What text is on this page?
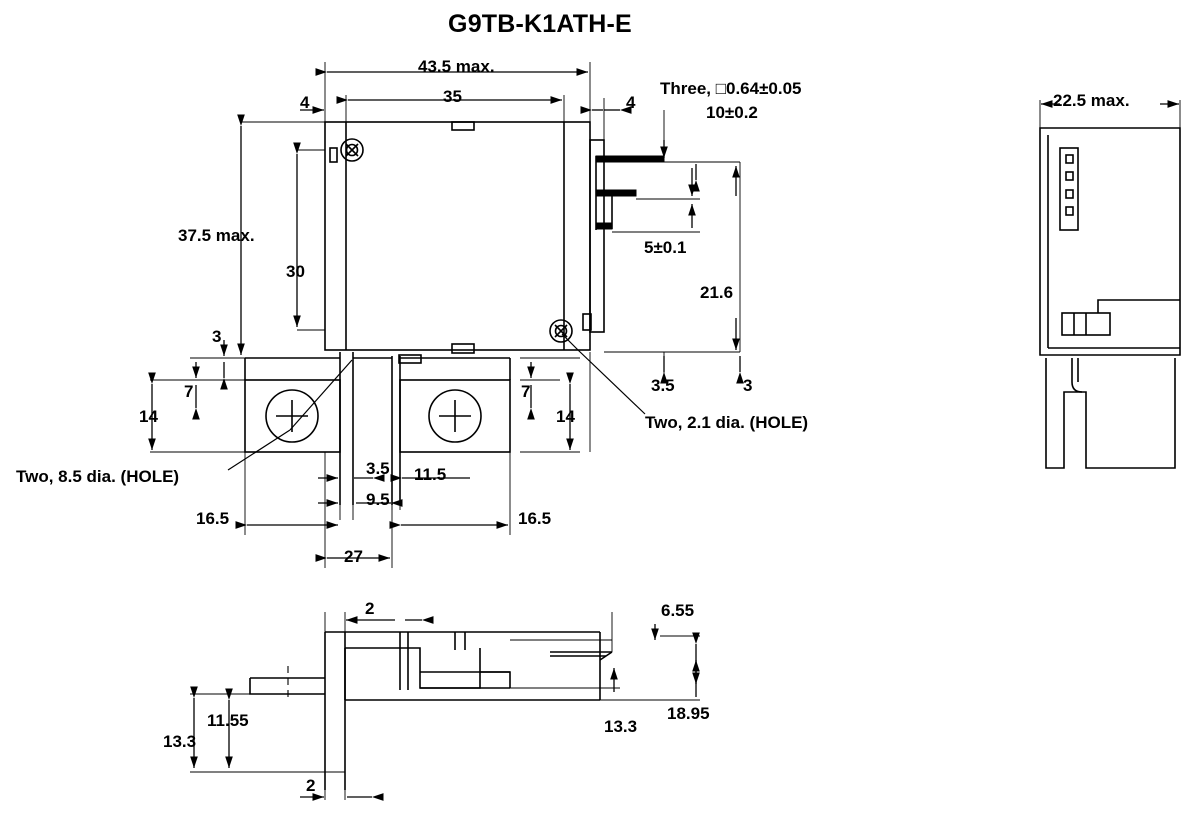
G9TB-K1ATH-E
43.5 max.
35
4	4
Three, □0.64±0.05
10±0.2
5±0.1
37.5 max.
30
3
7
14
7
14
21.6
3.5	3
Two, 8.5 dia. (HOLE)
Two, 2.1 dia. (HOLE)
3.5
9.5
11.5
16.5	16.5
27
22.5 max.
2
2
6.55
11.55
13.3
13.3
18.95
